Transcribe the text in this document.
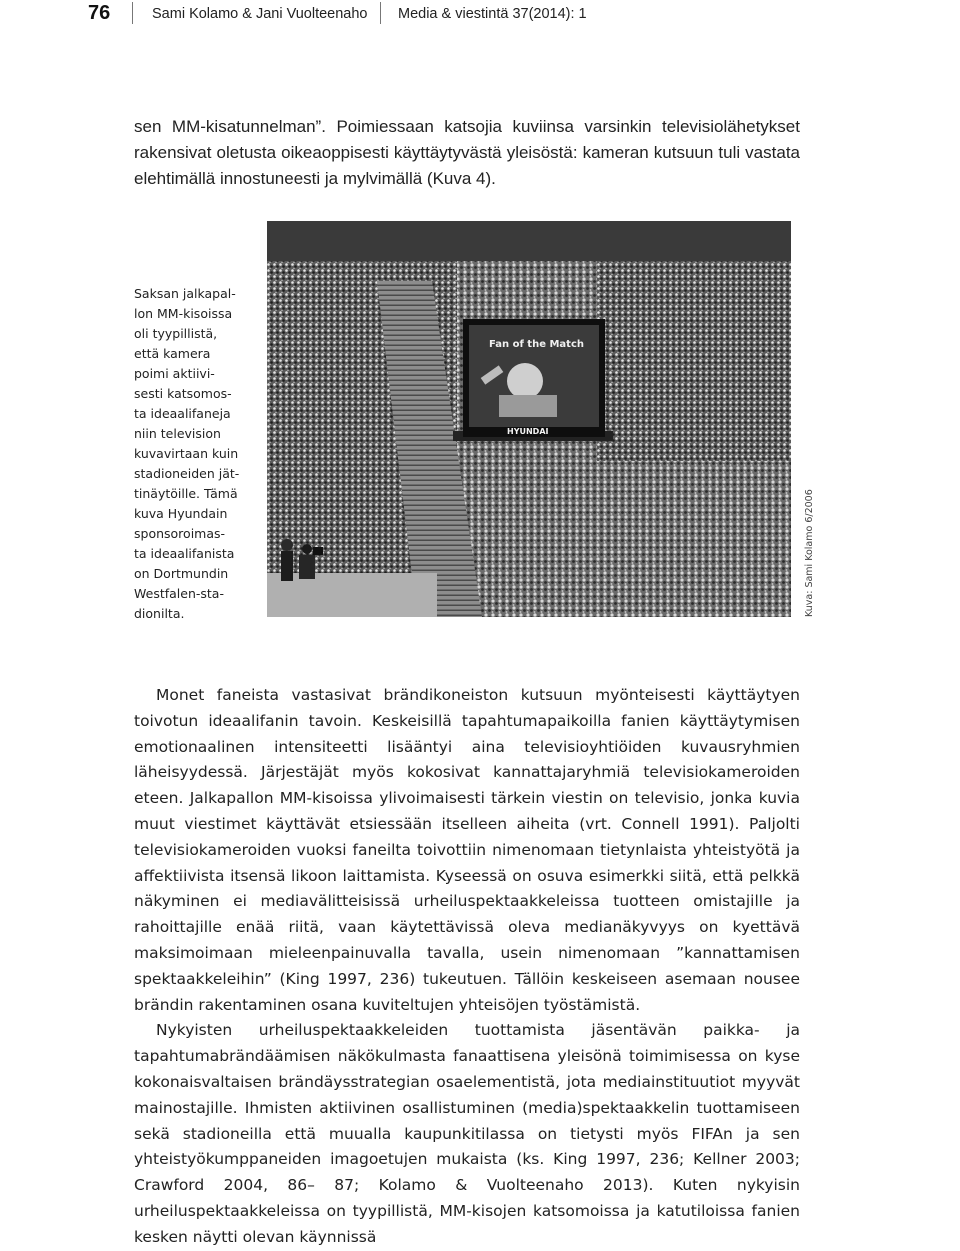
76	Sami Kolamo & Jani Vuolteenaho Media & viestintä 37(2014): 1

sen MM-kisatunnelman”. Poimiessaan katsojia kuviinsa varsinkin televisiolähetykset rakensivat oletusta oikeaoppisesti käyttäytyvästä yleisöstä: kameran kutsuun tuli vastata elehtimällä innostuneesti ja mylvimällä (Kuva 4).

Saksan jalkapal-
lon MM-kisoissa
oli tyypillistä,
että kamera
poimi aktiivi-
sesti katsomos-
ta ideaalifaneja
niin television
kuvavirtaan kuin
stadioneiden jät-
tinäytöille. Tämä
kuva Hyundain
sponsoroimas-
ta ideaalifanista
on Dortmundin
Westfalen-sta-
dionilta.
Fan of the Match
HYUNDAI
Kuva: Sami Kolamo 6/2006

Monet faneista vastasivat brändikoneiston kutsuun myönteisesti käyttäytyen toivotun ideaalifanin tavoin. Keskeisillä tapahtumapaikoilla fanien käyttäytymisen emotionaalinen intensiteetti lisääntyi aina televisioyhtiöiden kuvausryhmien läheisyydessä. Järjestäjät myös kokosivat kannattajaryhmiä televisiokameroiden eteen. Jalkapallon MM-kisoissa ylivoimaisesti tärkein viestin on televisio, jonka kuvia muut viestimet käyttävät etsiessään itselleen aiheita (vrt. Connell 1991). Paljolti televisiokameroiden vuoksi faneilta toivottiin nimenomaan tietynlaista yhteistyötä ja affektiivista itsensä likoon laittamista. Kyseessä on osuva esimerkki siitä, että pelkkä näkyminen ei mediavälitteisissä urheiluspektaakkeleissa tuotteen omistajille ja rahoittajille enää riitä, vaan käytettävissä oleva medianäkyvyys on kyettävä maksimoimaan mieleenpainuvalla tavalla, usein nimenomaan ”kannattamisen spektaakkeleihin” (King 1997, 236) tukeutuen. Tällöin keskeiseen asemaan nousee brändin rakentaminen osana kuviteltujen yhteisöjen työstämistä.

Nykyisten urheiluspektaakkeleiden tuottamista jäsentävän paikka- ja tapahtumabrändäämisen näkökulmasta fanaattisena yleisönä toimimisessa on kyse kokonaisvaltaisen brändäysstrategian osaelementistä, jota mediainstituutiot myyvät mainostajille. Ihmisten aktiivinen osallistuminen (media)spektaakkelin tuottamiseen sekä stadioneilla että muualla kaupunkitilassa on tietysti myös FIFAn ja sen yhteistyökumppaneiden imagoetujen mukaista (ks. King 1997, 236; Kellner 2003; Crawford 2004, 86– 87; Kolamo & Vuolteenaho 2013). Kuten nykyisin urheiluspektaakkeleissa on tyypillistä, MM-kisojen katsomoissa ja katutiloissa fanien kesken näytti olevan käynnissä
